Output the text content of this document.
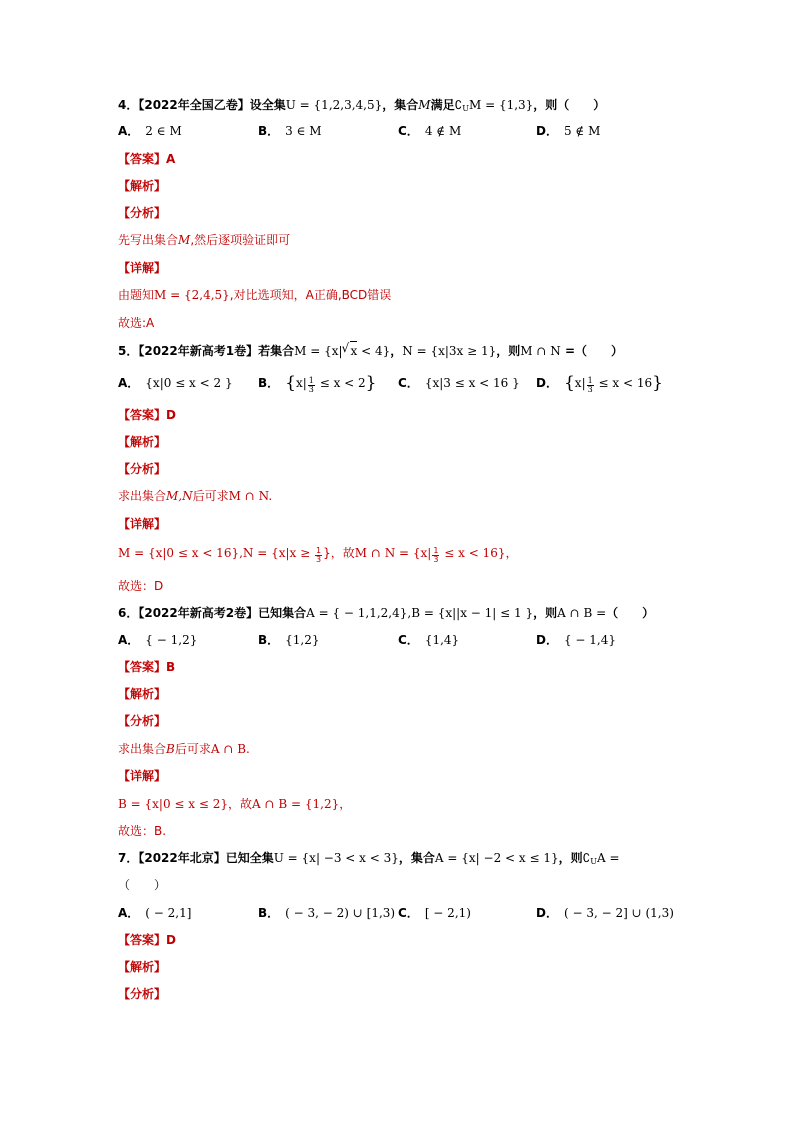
4．【2022年全国乙卷】设全集U = {1,2,3,4,5}，集合M满足$∁_UM = \{1,3\}$，则（　　）
A． 2 ∈ M	B． 3 ∈ M	C． 4 ∉ M	D． 5 ∉ M
【答案】A
【解析】
【分析】
先写出集合M,然后逐项验证即可
【详解】
由题知M = {2,4,5},对比选项知，A正确,BCD错误
故选:A
5．【2022年新高考1卷】若集合M = {x|√ x < 4}，N = {x|3x ≥ 1}，则M ∩ N =（　　）
A． {x|0 ≤ x < 2 } B． $\{x| \frac{1}{3} \le x < 2\}$ C． {x|3 ≤ x < 16 } D． $\{x| \frac{1}{3} \le x < 16\}$
【答案】D
【解析】
【分析】
求出集合M,N后可求M ∩ N.
【详解】
$M = \{x|0 \le x < 16\},N = \{x|x \ge \frac{1}{3}$ }，故M ∩ $N = \{x| \frac{1}{3} \le x < 16\}$，
故选：D
6．【2022年新高考2卷】已知集合A = { − 1,1,2,4},B = {x||x − 1| ≤ 1 }，则A ∩ B =（　　）
A． { − 1,2}	B． {1,2}	C． {1,4}	D． { − 1,4}
【答案】B
【解析】
【分析】
求出集合B后可求A ∩ B.
【详解】
B = {x|0 ≤ x ≤ 2}，故A ∩ B = {1,2}，
故选：B.
7．【2022年北京】已知全集U = {x| −3 < x < 3}，集合A = {x| −2 < x ≤ 1}，则$∁_UA$ =
（　　）
A． ( − 2,1]	B． ( − 3, − 2) ∪ [1,3) C． [ − 2,1)	D． ( − 3, − 2] ∪ (1,3)
【答案】D
【解析】
【分析】
